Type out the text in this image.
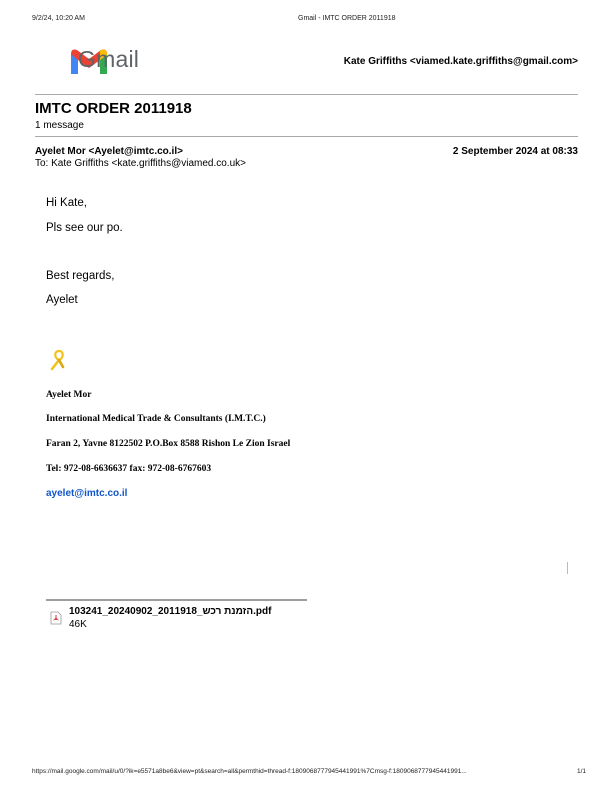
9/2/24, 10:20 AM	Gmail - IMTC ORDER 2011918
Gmail	Kate Griffiths <viamed.kate.griffiths@gmail.com>
IMTC ORDER 2011918
1 message
Ayelet Mor <Ayelet@imtc.co.il>	2 September 2024 at 08:33
To: Kate Griffiths <kate.griffiths@viamed.co.uk>
Hi Kate,
Pls see our po.
Best regards,
Ayelet
Ayelet Mor
International Medical Trade & Consultants (I.M.T.C.)
Faran 2, Yavne 8122502 P.O.Box 8588 Rishon Le Zion Israel
Tel: 972-08-6636637 fax: 972-08-6767603
ayelet@imtc.co.il
103241_20240902_2011918_הזמנת רכש.pdf
46K
https://mail.google.com/mail/u/0/?ik=e5571a8be6&view=pt&search=all&permthid=thread-f:1809068777945441991%7Cmsg-f:1809068777945441991...	1/1
